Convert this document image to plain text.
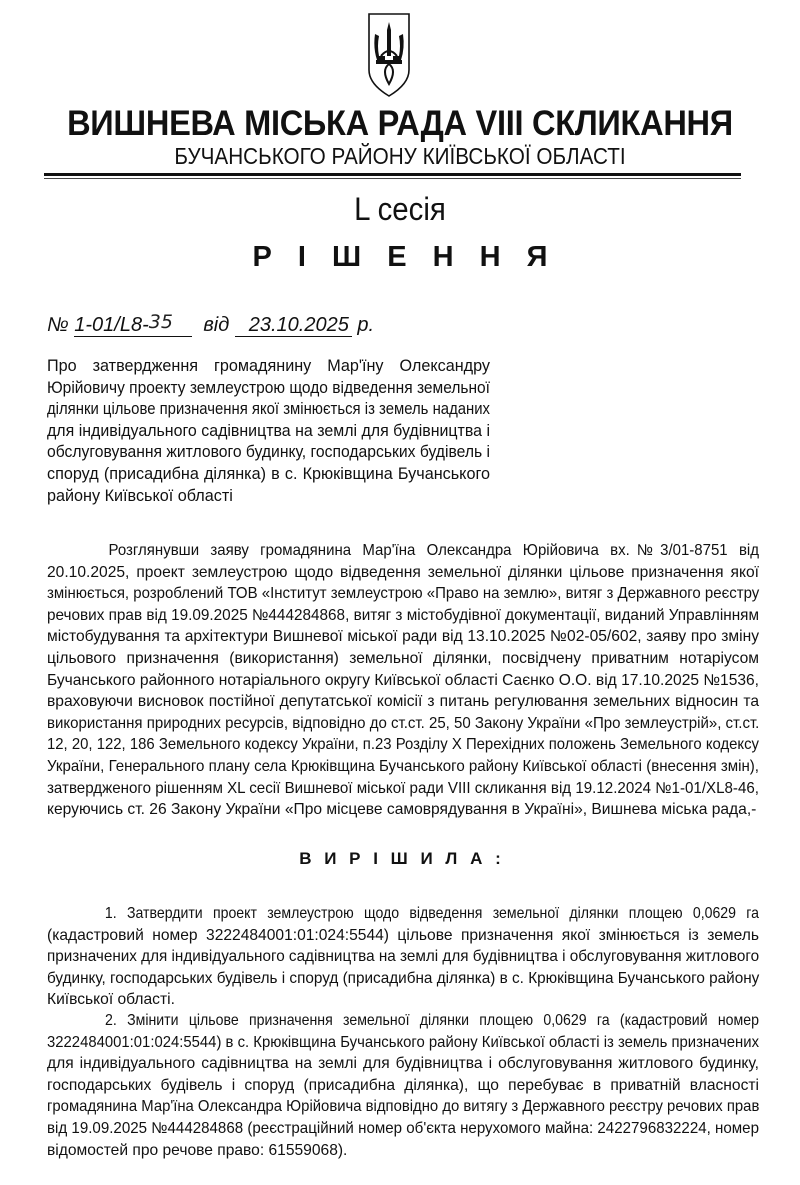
ВИШНЕВА МІСЬКА РАДА VIII СКЛИКАННЯ
БУЧАНСЬКОГО РАЙОНУ КИЇВСЬКОЇ ОБЛАСТІ
L сесія
Р І Ш Е Н Н Я
№ 1-01/L8-35 від 23.10.2025 р.
Про затвердження громадянину Мар'їну Олександру
Юрійовичу проекту землеустрою щодо відведення земельної
ділянки цільове призначення якої змінюється із земель наданих
для індивідуального садівництва на землі для будівництва і
обслуговування житлового будинку, господарських будівель і
споруд (присадибна ділянка) в с. Крюківщина Бучанського
району Київської області
Розглянувши заяву громадянина Мар'їна Олександра Юрійовича вх.№3/01-8751 від
20.10.2025, проект землеустрою щодо відведення земельної ділянки цільове призначення якої
змінюється, розроблений ТОВ «Інститут землеустрою «Право на землю», витяг з Державного реєстру
речових прав від 19.09.2025 №444284868, витяг з містобудівної документації, виданий Управлінням
містобудування та архітектури Вишневої міської ради від 13.10.2025 №02-05/602, заяву про зміну
цільового призначення (використання) земельної ділянки, посвідчену приватним нотаріусом
Бучанського районного нотаріального округу Київської області Саєнко О.О. від 17.10.2025 №1536,
враховуючи висновок постійної депутатської комісії з питань регулювання земельних відносин та
використання природних ресурсів, відповідно до ст.ст. 25, 50 Закону України «Про землеустрій», ст.ст.
12, 20, 122, 186 Земельного кодексу України, п.23 Розділу X Перехідних положень Земельного кодексу
України, Генерального плану села Крюківщина Бучанського району Київської області (внесення змін),
затвердженого рішенням XL сесії Вишневої міської ради VIII скликання від 19.12.2024 №1-01/XL8-46,
керуючись ст. 26 Закону України «Про місцеве самоврядування в Україні», Вишнева міська рада,-
В И Р І Ш И Л А :
1. Затвердити проект землеустрою щодо відведення земельної ділянки площею 0,0629 га
(кадастровий номер 3222484001:01:024:5544) цільове призначення якої змінюється із земель
призначених для індивідуального садівництва на землі для будівництва і обслуговування житлового
будинку, господарських будівель і споруд (присадибна ділянка) в с. Крюківщина Бучанського району
Київської області.
2. Змінити цільове призначення земельної ділянки площею 0,0629 га (кадастровий номер
3222484001:01:024:5544) в с. Крюківщина Бучанського району Київської області із земель призначених
для індивідуального садівництва на землі для будівництва і обслуговування житлового будинку,
господарських будівель і споруд (присадибна ділянка), що перебуває в приватній власності
громадянина Мар'їна Олександра Юрійовича відповідно до витягу з Державного реєстру речових прав
від 19.09.2025 №444284868 (реєстраційний номер об'єкта нерухомого майна: 2422796832224, номер
відомостей про речове право: 61559068).
